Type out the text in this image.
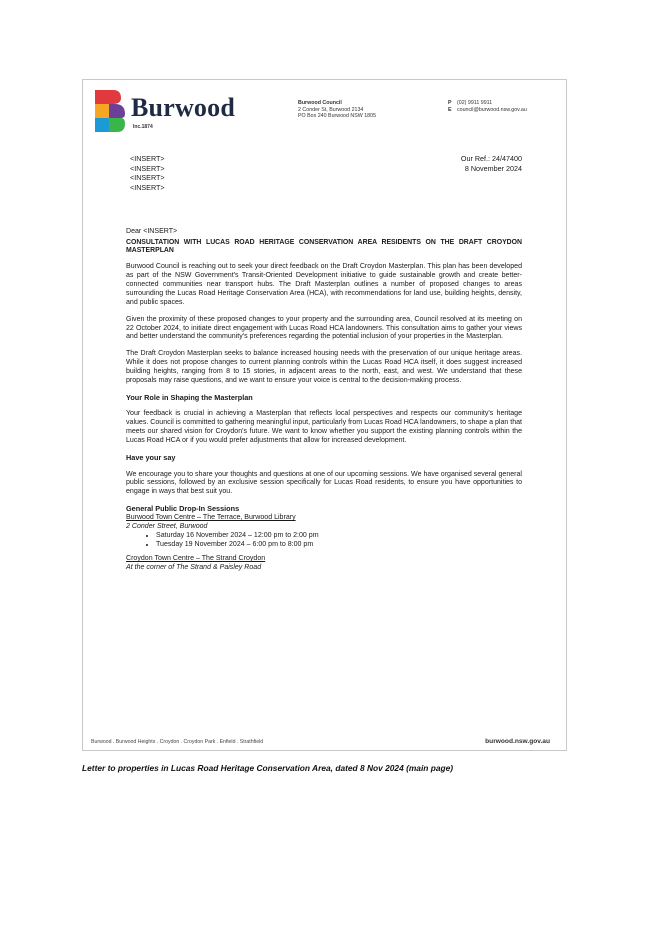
Burwood
Inc.1874
Burwood Council
2 Conder St, Burwood 2134
PO Box 240 Burwood NSW 1805
P (02) 9911 9911
E council@burwood.nsw.gov.au
<INSERT>
<INSERT>
<INSERT>
<INSERT>
Our Ref.: 24/47400
8 November 2024

Dear <INSERT>

CONSULTATION WITH LUCAS ROAD HERITAGE CONSERVATION AREA RESIDENTS ON THE DRAFT CROYDON MASTERPLAN

Burwood Council is reaching out to seek your direct feedback on the Draft Croydon Masterplan. This plan has been developed as part of the NSW Government's Transit-Oriented Development initiative to guide sustainable growth and create better-connected communities near transport hubs. The Draft Masterplan outlines a number of proposed changes to areas surrounding the Lucas Road Heritage Conservation Area (HCA), with recommendations for land use, building heights, density, and public spaces.

Given the proximity of these proposed changes to your property and the surrounding area, Council resolved at its meeting on 22 October 2024, to initiate direct engagement with Lucas Road HCA landowners. This consultation aims to gather your views and better understand the community's preferences regarding the potential inclusion of your properties in the Masterplan.

The Draft Croydon Masterplan seeks to balance increased housing needs with the preservation of our unique heritage areas. While it does not propose changes to current planning controls within the Lucas Road HCA itself, it does suggest increased building heights, ranging from 8 to 15 stories, in adjacent areas to the north, east, and west. We understand that these proposals may raise questions, and we want to ensure your voice is central to the decision-making process.

Your Role in Shaping the Masterplan

Your feedback is crucial in achieving a Masterplan that reflects local perspectives and respects our community's heritage values. Council is committed to gathering meaningful input, particularly from Lucas Road HCA landowners, to shape a plan that meets our shared vision for Croydon's future. We want to know whether you support the existing planning controls within the Lucas Road HCA or if you would prefer adjustments that allow for increased development.

Have your say

We encourage you to share your thoughts and questions at one of our upcoming sessions. We have organised several general public sessions, followed by an exclusive session specifically for Lucas Road residents, to ensure you have opportunities to engage in ways that best suit you.

General Public Drop-In Sessions
Burwood Town Centre – The Terrace, Burwood Library
2 Conder Street, Burwood
• Saturday 16 November 2024 – 12:00 pm to 2:00 pm
• Tuesday 19 November 2024 – 6:00 pm to 8:00 pm
Croydon Town Centre – The Strand Croydon
At the corner of The Strand & Paisley Road
Burwood . Burwood Heights . Croydon . Croydon Park . Enfield . Strathfield	burwood.nsw.gov.au
Letter to properties in Lucas Road Heritage Conservation Area, dated 8 Nov 2024 (main page)
